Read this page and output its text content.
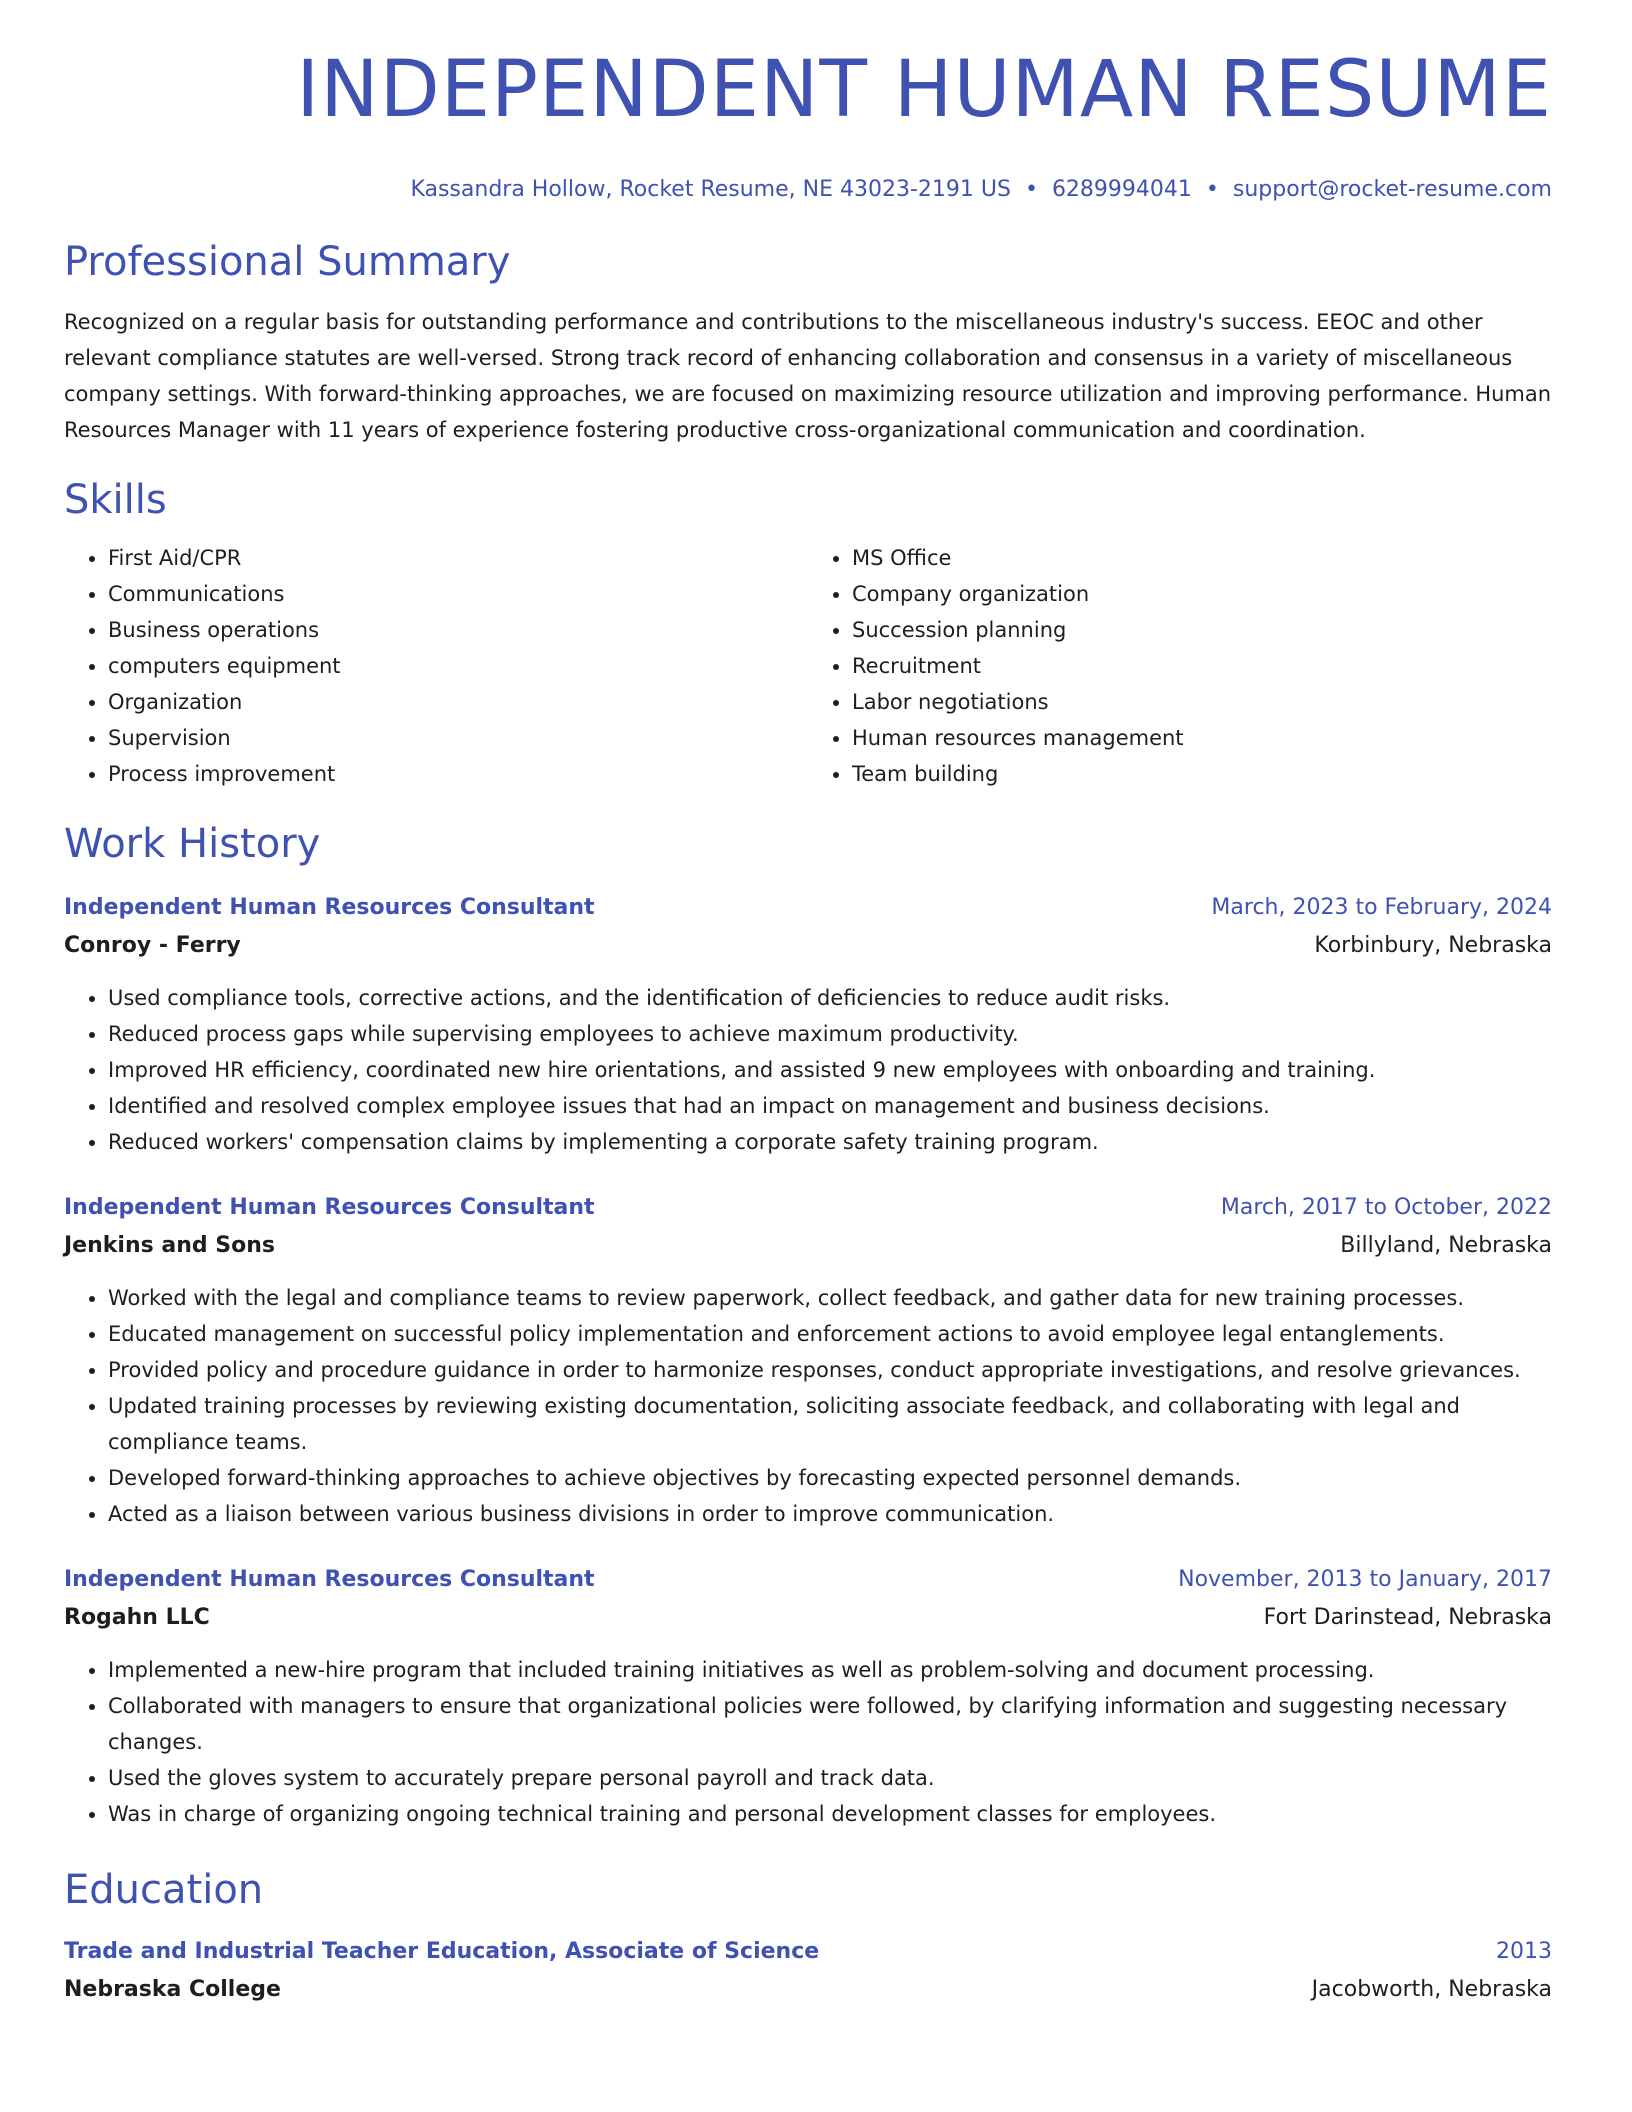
INDEPENDENT HUMAN RESUME
Kassandra Hollow, Rocket Resume, NE 43023-2191 US • 6289994041 • support@rocket-resume.com
Professional Summary
Recognized on a regular basis for outstanding performance and contributions to the miscellaneous industry's success. EEOC and other relevant compliance statutes are well-versed. Strong track record of enhancing collaboration and consensus in a variety of miscellaneous company settings. With forward-thinking approaches, we are focused on maximizing resource utilization and improving performance. Human Resources Manager with 11 years of experience fostering productive cross-organizational communication and coordination.
Skills
• First Aid/CPR
• Communications
• Business operations
• computers equipment
• Organization
• Supervision
• Process improvement
• MS Office
• Company organization
• Succession planning
• Recruitment
• Labor negotiations
• Human resources management
• Team building
Work History
Independent Human Resources Consultant	March, 2023 to February, 2024
Conroy - Ferry	Korbinbury, Nebraska
• Used compliance tools, corrective actions, and the identification of deficiencies to reduce audit risks.
• Reduced process gaps while supervising employees to achieve maximum productivity.
• Improved HR efficiency, coordinated new hire orientations, and assisted 9 new employees with onboarding and training.
• Identified and resolved complex employee issues that had an impact on management and business decisions.
• Reduced workers' compensation claims by implementing a corporate safety training program.
Independent Human Resources Consultant	March, 2017 to October, 2022
Jenkins and Sons	Billyland, Nebraska
• Worked with the legal and compliance teams to review paperwork, collect feedback, and gather data for new training processes.
• Educated management on successful policy implementation and enforcement actions to avoid employee legal entanglements.
• Provided policy and procedure guidance in order to harmonize responses, conduct appropriate investigations, and resolve grievances.
• Updated training processes by reviewing existing documentation, soliciting associate feedback, and collaborating with legal and compliance teams.
• Developed forward-thinking approaches to achieve objectives by forecasting expected personnel demands.
• Acted as a liaison between various business divisions in order to improve communication.
Independent Human Resources Consultant	November, 2013 to January, 2017
Rogahn LLC	Fort Darinstead, Nebraska
• Implemented a new-hire program that included training initiatives as well as problem-solving and document processing.
• Collaborated with managers to ensure that organizational policies were followed, by clarifying information and suggesting necessary changes.
• Used the gloves system to accurately prepare personal payroll and track data.
• Was in charge of organizing ongoing technical training and personal development classes for employees.
Education
Trade and Industrial Teacher Education, Associate of Science	2013
Nebraska College	Jacobworth, Nebraska
